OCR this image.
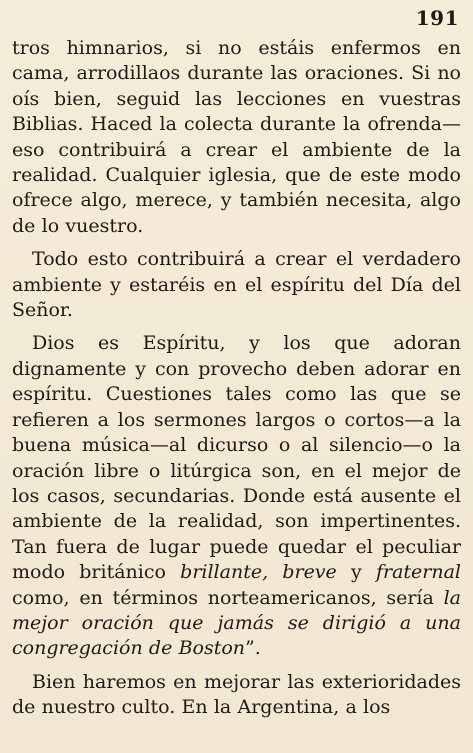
191

tros himnarios, si no estáis enfermos en cama, arrodillaos durante las oraciones. Si no oís bien, seguid las lecciones en vuestras Biblias. Haced la colecta durante la ofrenda—eso contribuirá a crear el ambiente de la realidad. Cualquier iglesia, que de este modo ofrece algo, merece, y también necesita, algo de lo vuestro.

Todo esto contribuirá a crear el verdadero ambiente y estaréis en el espíritu del Día del Señor.

Dios es Espíritu, y los que adoran dignamente y con provecho deben adorar en espíritu. Cuestiones tales como las que se refieren a los sermones largos o cortos—a la buena música—al dicurso o al silencio—o la oración libre o litúrgica son, en el mejor de los casos, secundarias. Donde está ausente el ambiente de la realidad, son impertinentes. Tan fuera de lugar puede quedar el peculiar modo británico brillante, breve y fraternal como, en términos norteamericanos, sería la mejor oración que jamás se dirigió a una congregación de Boston”.

Bien haremos en mejorar las exterioridades de nuestro culto. En la Argentina, a los
